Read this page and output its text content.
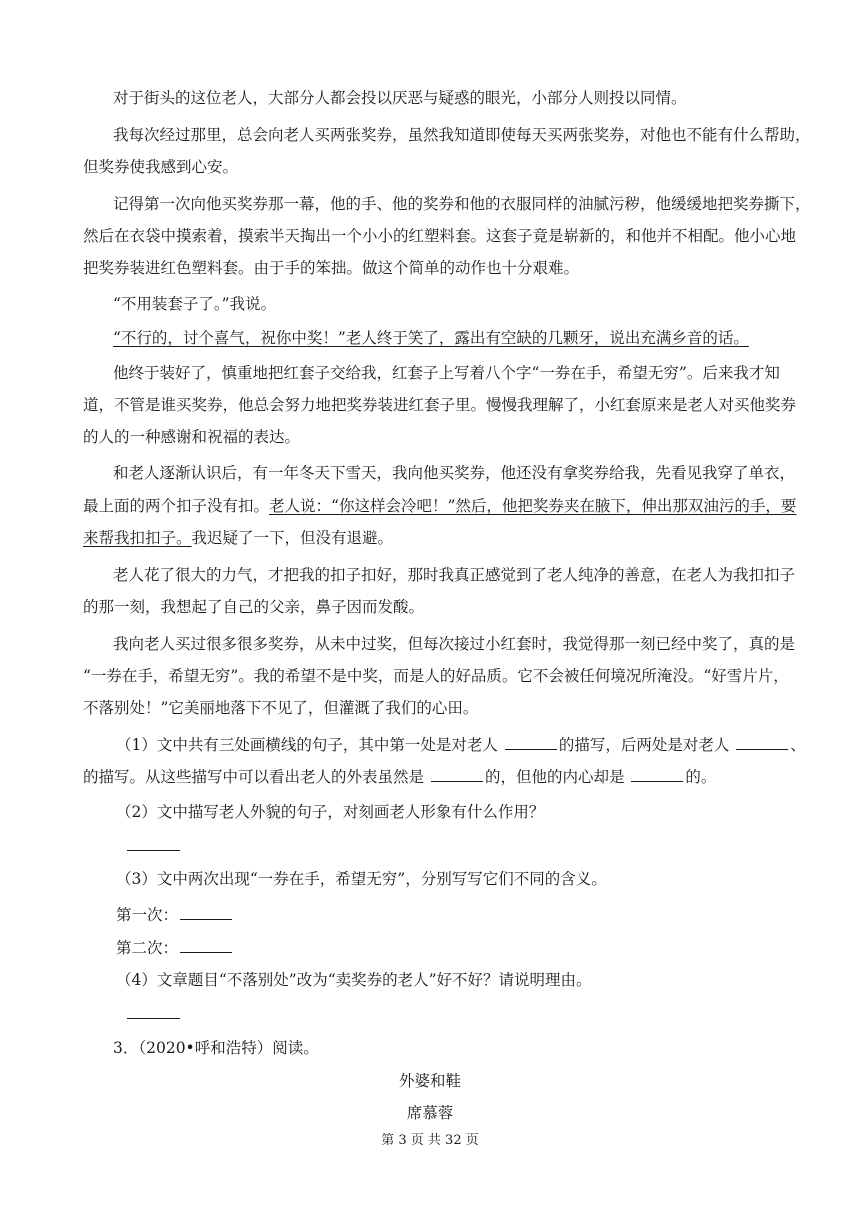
对于街头的这位老人，大部分人都会投以厌恶与疑惑的眼光，小部分人则投以同情。
我每次经过那里，总会向老人买两张奖券，虽然我知道即使每天买两张奖券，对他也不能有什么帮助，
但奖券使我感到心安。
记得第一次向他买奖券那一幕，他的手、他的奖券和他的衣服同样的油腻污秽，他缓缓地把奖券撕下，
然后在衣袋中摸索着，摸索半天掏出一个小小的红塑料套。这套子竟是崭新的，和他并不相配。他小心地
把奖券装进红色塑料套。由于手的笨拙。做这个简单的动作也十分艰难。
“不用装套子了。”我说。
“不行的，讨个喜气，祝你中奖！”老人终于笑了，露出有空缺的几颗牙，说出充满乡音的话。
他终于装好了，慎重地把红套子交给我，红套子上写着八个字“一券在手，希望无穷”。后来我才知
道，不管是谁买奖券，他总会努力地把奖券装进红套子里。慢慢我理解了，小红套原来是老人对买他奖券
的人的一种感谢和祝福的表达。
和老人逐渐认识后，有一年冬天下雪天，我向他买奖券，他还没有拿奖券给我，先看见我穿了单衣，
最上面的两个扣子没有扣。老人说：“你这样会冷吧！”然后，他把奖券夹在腋下，伸出那双油污的手，要
来帮我扣扣子。我迟疑了一下，但没有退避。
老人花了很大的力气，才把我的扣子扣好，那时我真正感觉到了老人纯净的善意，在老人为我扣扣子
的那一刻，我想起了自己的父亲，鼻子因而发酸。
我向老人买过很多很多奖券，从未中过奖，但每次接过小红套时，我觉得那一刻已经中奖了，真的是
“一券在手，希望无穷”。我的希望不是中奖，而是人的好品质。它不会被任何境况所淹没。“好雪片片，
不落别处！”它美丽地落下不见了，但灌溉了我们的心田。
（1）文中共有三处画横线的句子，其中第一处是对老人	的描写，后两处是对老人	、
的描写。从这些描写中可以看出老人的外表虽然是	的，但他的内心却是	的。
（2）文中描写老人外貌的句子，对刻画老人形象有什么作用？
（3）文中两次出现“一券在手，希望无穷”，分别写写它们不同的含义。
第一次：
第二次：
（4）文章题目“不落别处”改为“卖奖券的老人”好不好？请说明理由。
3．（2020•呼和浩特）阅读。
外婆和鞋
席慕蓉
第 3 页 共 32 页
